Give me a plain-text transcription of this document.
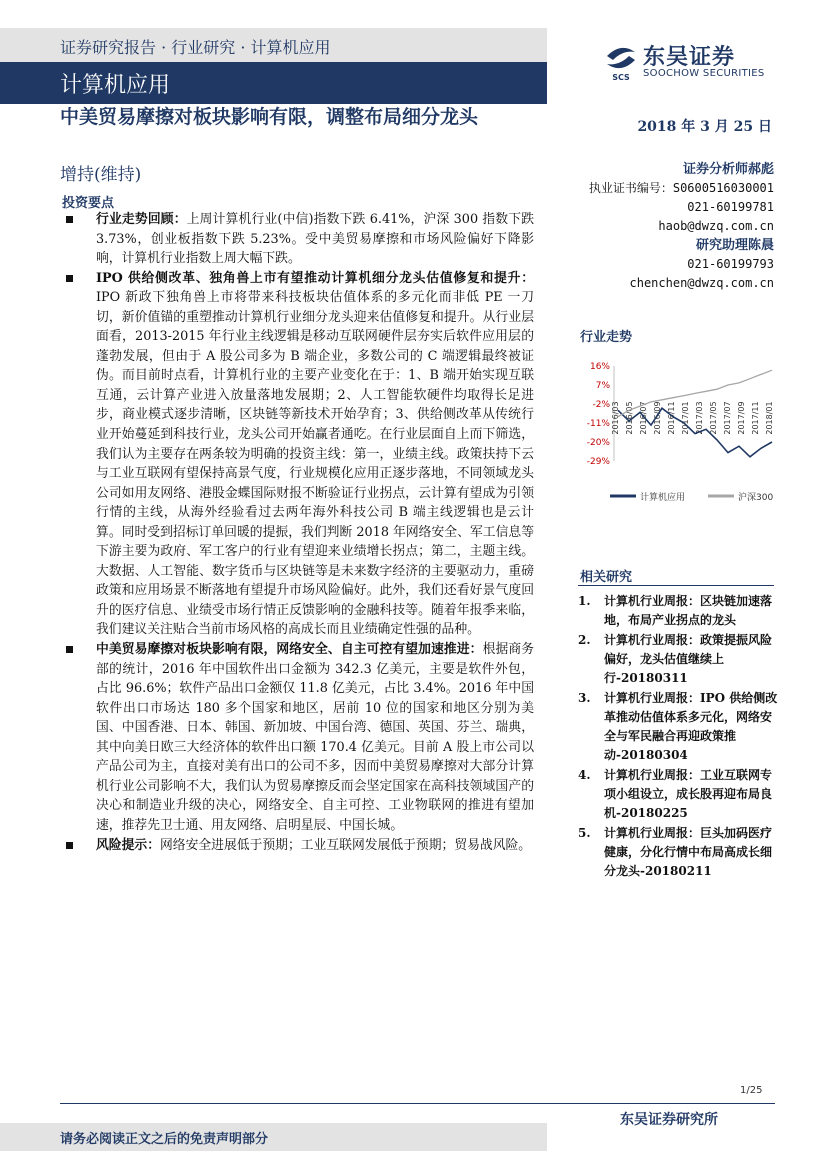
证券研究报告 · 行业研究 · 计算机应用
计算机应用	SCS
东吴证券
SOOCHOW SECURITIES
中美贸易摩擦对板块影响有限，调整布局细分龙头
增持(维持)
2018 年 3 月 25 日
证券分析师郝彪
执业证书编号：S0600516030001
021-60199781
haob@dwzq.com.cn
研究助理陈晨
021-60199793
chenchen@dwzq.com.cn
行业走势
16%
7%
-2%
-11%
-20%
-29%
2016/03 2016/05 2016/07 2016/09 2016/11 2017/01 2017/03 2017/05 2017/07 2017/09 2017/11 2018/01
计算机应用	沪深300
相关研究
1. 计算机行业周报：区块链加速落地，布局产业拐点的龙头
2. 计算机行业周报：政策提振风险偏好，龙头估值继续上行-20180311
3. 计算机行业周报：IPO 供给侧改革推动估值体系多元化，网络安全与军民融合再迎政策推动-20180304
4. 计算机行业周报：工业互联网专项小组设立，成长股再迎布局良机-20180225
5. 计算机行业周报：巨头加码医疗健康，分化行情中布局高成长细分龙头-20180211
投资要点
行业走势回顾：上周计算机行业(中信)指数下跌 6.41%，沪深 300 指数下跌 3.73%，创业板指数下跌 5.23%。受中美贸易摩擦和市场风险偏好下降影响，计算机行业指数上周大幅下跌。
IPO 供给侧改革、独角兽上市有望推动计算机细分龙头估值修复和提升：IPO 新政下独角兽上市将带来科技板块估值体系的多元化而非低 PE 一刀切，新价值锚的重塑推动计算机行业细分龙头迎来估值修复和提升。从行业层面看，2013-2015 年行业主线逻辑是移动互联网硬件层夯实后软件应用层的蓬勃发展，但由于 A 股公司多为 B 端企业，多数公司的 C 端逻辑最终被证伪。而目前时点看，计算机行业的主要产业变化在于：1、B 端开始实现互联互通，云计算产业进入放量落地发展期；2、人工智能软硬件均取得长足进步，商业模式逐步清晰，区块链等新技术开始孕育；3、供给侧改革从传统行业开始蔓延到科技行业，龙头公司开始赢者通吃。在行业层面自上而下筛选，我们认为主要存在两条较为明确的投资主线：第一，业绩主线。政策扶持下云与工业互联网有望保持高景气度，行业规模化应用正逐步落地，不同领域龙头公司如用友网络、港股金蝶国际财报不断验证行业拐点，云计算有望成为引领行情的主线，从海外经验看过去两年海外科技公司 B 端主线逻辑也是云计算。同时受到招标订单回暖的提振，我们判断 2018 年网络安全、军工信息等下游主要为政府、军工客户的行业有望迎来业绩增长拐点；第二，主题主线。大数据、人工智能、数字货币与区块链等是未来数字经济的主要驱动力，重磅政策和应用场景不断落地有望提升市场风险偏好。此外，我们还看好景气度回升的医疗信息、业绩受市场行情正反馈影响的金融科技等。随着年报季来临，我们建议关注贴合当前市场风格的高成长而且业绩确定性强的品种。
中美贸易摩擦对板块影响有限，网络安全、自主可控有望加速推进：根据商务部的统计，2016 年中国软件出口金额为 342.3 亿美元，主要是软件外包，占比 96.6%；软件产品出口金额仅 11.8 亿美元，占比 3.4%。2016 年中国软件出口市场达 180 多个国家和地区，居前 10 位的国家和地区分别为美国、中国香港、日本、韩国、新加坡、中国台湾、德国、英国、芬兰、瑞典，其中向美日欧三大经济体的软件出口额 170.4 亿美元。目前 A 股上市公司以产品公司为主，直接对美有出口的公司不多，因而中美贸易摩擦对大部分计算机行业公司影响不大，我们认为贸易摩擦反而会坚定国家在高科技领域国产的决心和制造业升级的决心，网络安全、自主可控、工业物联网的推进有望加速，推荐先卫士通、用友网络、启明星辰、中国长城。
风险提示：网络安全进展低于预期；工业互联网发展低于预期；贸易战风险。
1/25
东吴证券研究所
请务必阅读正文之后的免责声明部分
